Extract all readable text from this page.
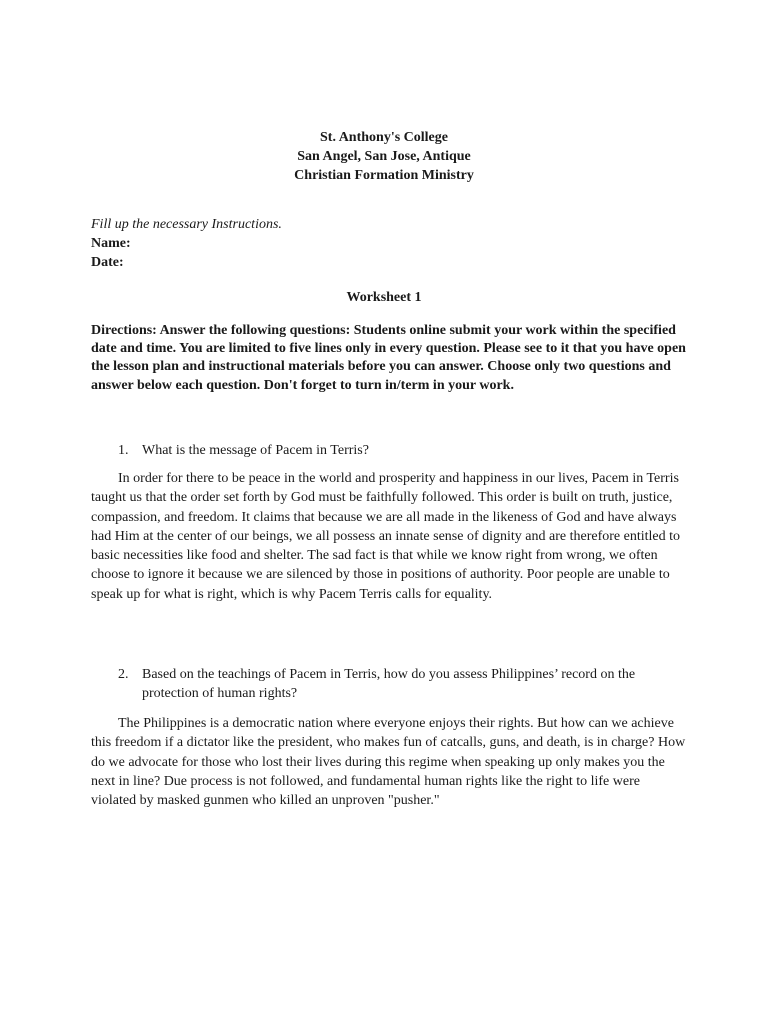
St. Anthony's College
San Angel, San Jose, Antique
Christian Formation Ministry
Fill up the necessary Instructions.
Name:
Date:
Worksheet 1
Directions: Answer the following questions: Students online submit your work within the specified date and time. You are limited to five lines only in every question. Please see to it that you have open the lesson plan and instructional materials before you can answer. Choose only two questions and answer below each question. Don't forget to turn in/term in your work.
1. What is the message of Pacem in Terris?
In order for there to be peace in the world and prosperity and happiness in our lives, Pacem in Terris taught us that the order set forth by God must be faithfully followed. This order is built on truth, justice, compassion, and freedom. It claims that because we are all made in the likeness of God and have always had Him at the center of our beings, we all possess an innate sense of dignity and are therefore entitled to basic necessities like food and shelter. The sad fact is that while we know right from wrong, we often choose to ignore it because we are silenced by those in positions of authority. Poor people are unable to speak up for what is right, which is why Pacem Terris calls for equality.
2. Based on the teachings of Pacem in Terris, how do you assess Philippines’ record on the protection of human rights?
The Philippines is a democratic nation where everyone enjoys their rights. But how can we achieve this freedom if a dictator like the president, who makes fun of catcalls, guns, and death, is in charge? How do we advocate for those who lost their lives during this regime when speaking up only makes you the next in line? Due process is not followed, and fundamental human rights like the right to life were violated by masked gunmen who killed an unproven "pusher."
